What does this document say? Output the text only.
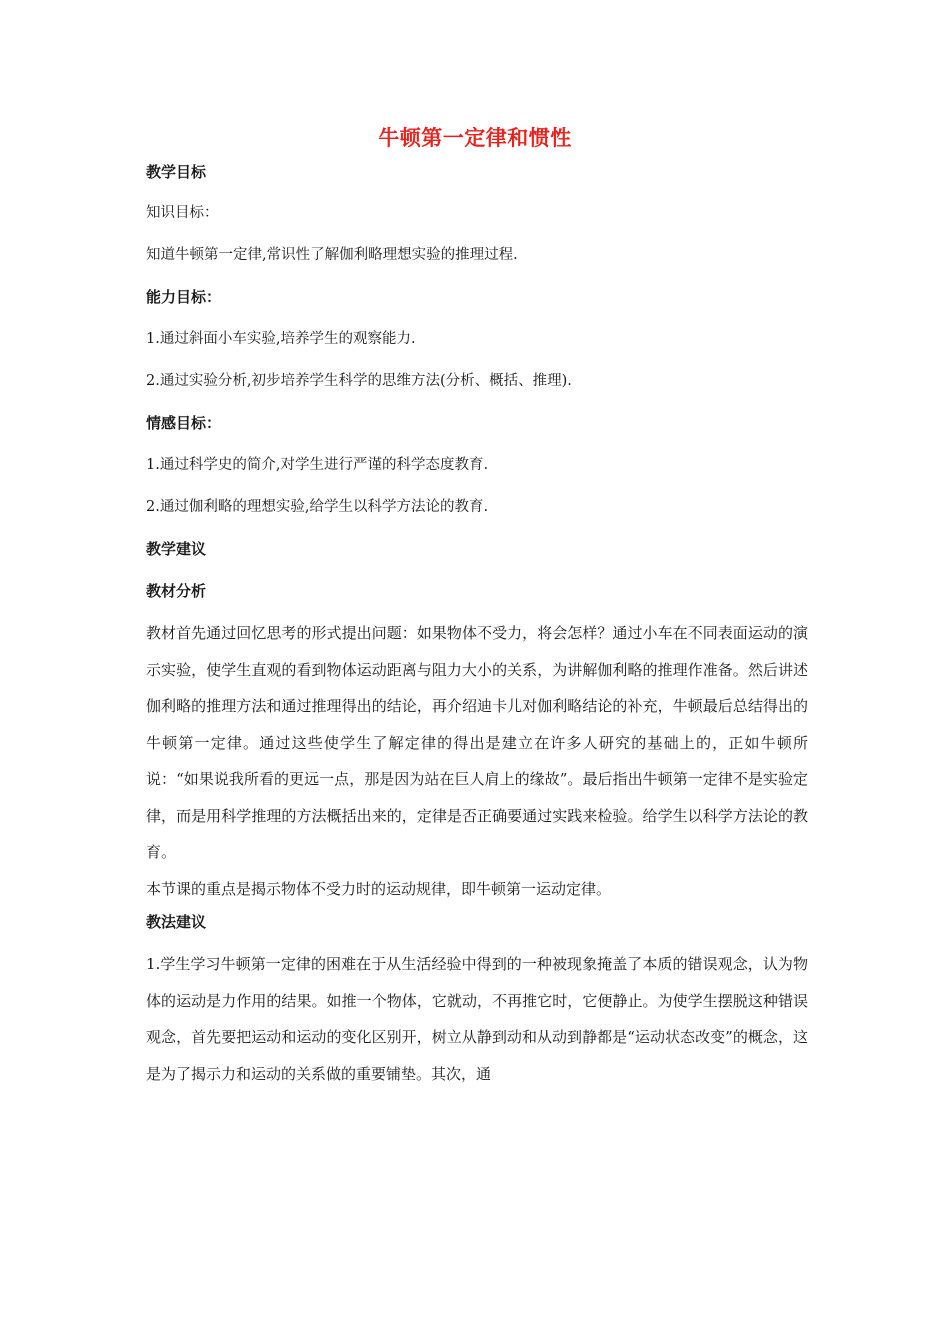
牛顿第一定律和惯性

教学目标

知识目标：

知道牛顿第一定律,常识性了解伽利略理想实验的推理过程.

能力目标：

1.通过斜面小车实验,培养学生的观察能力.

2.通过实验分析,初步培养学生科学的思维方法(分析、概括、推理).

情感目标：

1.通过科学史的简介,对学生进行严谨的科学态度教育.

2.通过伽利略的理想实验,给学生以科学方法论的教育.

教学建议

教材分析

教材首先通过回忆思考的形式提出问题：如果物体不受力，将会怎样？通过小车在不同表面运动的演示实验，使学生直观的看到物体运动距离与阻力大小的关系，为讲解伽利略的推理作准备。然后讲述伽利略的推理方法和通过推理得出的结论，再介绍迪卡儿对伽利略结论的补充，牛顿最后总结得出的牛顿第一定律。通过这些使学生了解定律的得出是建立在许多人研究的基础上的，正如牛顿所说：“如果说我所看的更远一点，那是因为站在巨人肩上的缘故”。最后指出牛顿第一定律不是实验定律，而是用科学推理的方法概括出来的，定律是否正确要通过实践来检验。给学生以科学方法论的教育。

本节课的重点是揭示物体不受力时的运动规律，即牛顿第一运动定律。

教法建议

1.学生学习牛顿第一定律的困难在于从生活经验中得到的一种被现象掩盖了本质的错误观念，认为物体的运动是力作用的结果。如推一个物体，它就动，不再推它时，它便静止。为使学生摆脱这种错误观念，首先要把运动和运动的变化区别开，树立从静到动和从动到静都是“运动状态改变”的概念，这是为了揭示力和运动的关系做的重要铺垫。其次，通
